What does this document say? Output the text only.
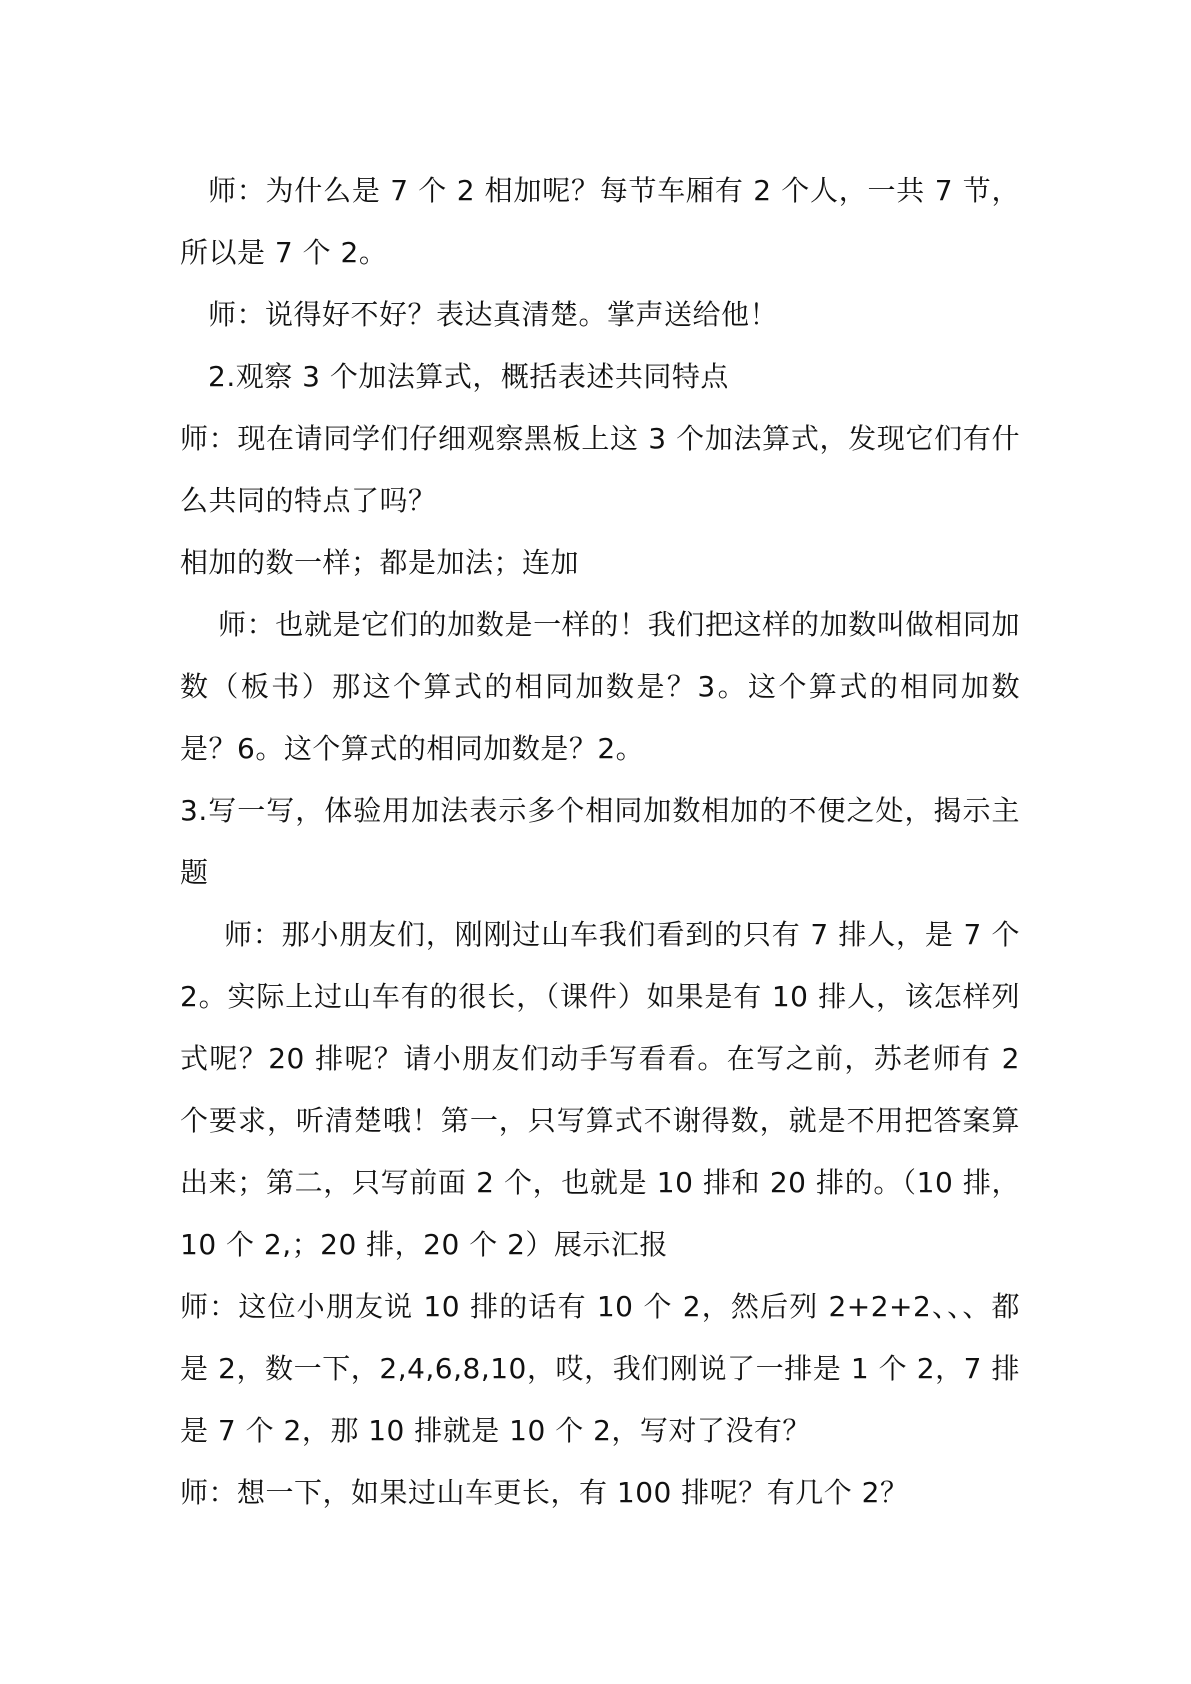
师：为什么是 7 个 2 相加呢？每节车厢有 2 个人，一共 7 节，所以是 7 个 2。

师：说得好不好？表达真清楚。掌声送给他！

2.观察 3 个加法算式，概括表述共同特点

师：现在请同学们仔细观察黑板上这 3 个加法算式，发现它们有什么共同的特点了吗？

相加的数一样；都是加法；连加

师：也就是它们的加数是一样的！我们把这样的加数叫做相同加数（板书）那这个算式的相同加数是？3。这个算式的相同加数是？6。这个算式的相同加数是？2。

3.写一写，体验用加法表示多个相同加数相加的不便之处，揭示主题

师：那小朋友们，刚刚过山车我们看到的只有 7 排人，是 7 个 2。实际上过山车有的很长，（课件）如果是有 10 排人，该怎样列式呢？20 排呢？请小朋友们动手写看看。在写之前，苏老师有 2 个要求，听清楚哦！第一，只写算式不谢得数，就是不用把答案算出来；第二，只写前面 2 个，也就是 10 排和 20 排的。（10 排，10 个 2,；20 排，20 个 2）展示汇报

师：这位小朋友说 10 排的话有 10 个 2，然后列 2+2+2、、、都是 2，数一下，2,4,6,8,10，哎，我们刚说了一排是 1 个 2，7 排是 7 个 2，那 10 排就是 10 个 2，写对了没有？

师：想一下，如果过山车更长，有 100 排呢？有几个 2？
